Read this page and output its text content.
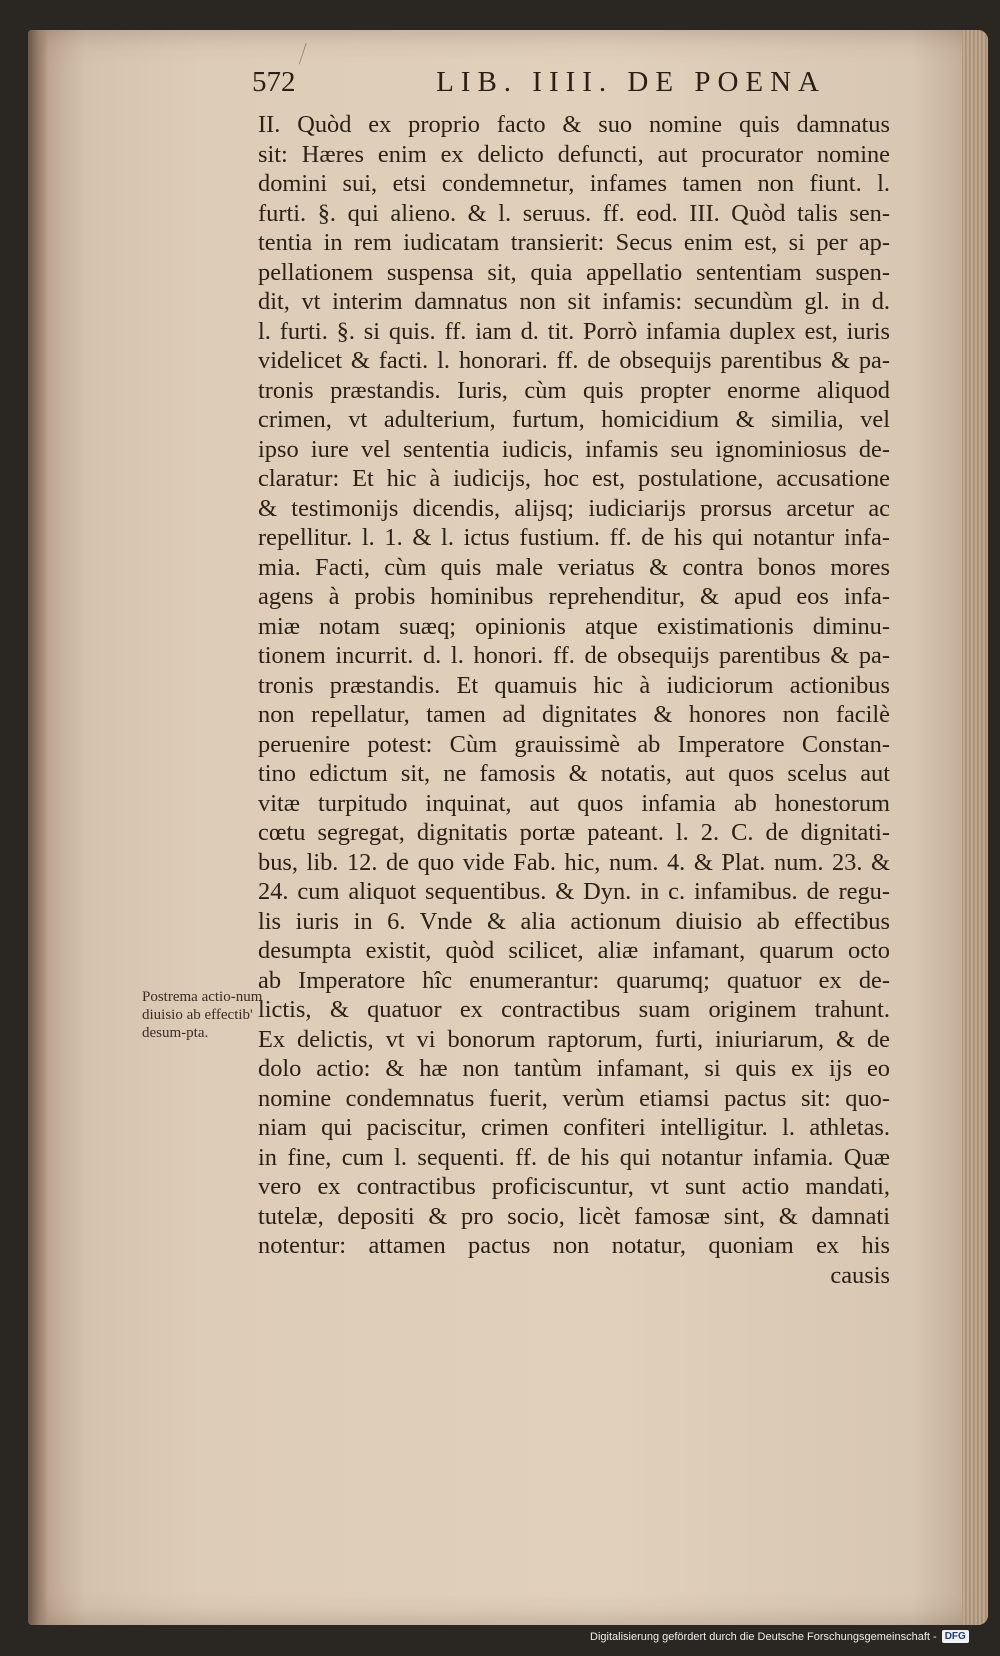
572	LIB. IIII. DE POENA
II. Quòd ex proprio facto & suo nomine quis damnatus
sit: Hæres enim ex delicto defuncti, aut procurator nomine
domini sui, etsi condemnetur, infames tamen non fiunt. l.
furti. §. qui alieno. & l. seruus. ff. eod. III. Quòd talis sen-
tentia in rem iudicatam transierit: Secus enim est, si per ap-
pellationem suspensa sit, quia appellatio sententiam suspen-
dit, vt interim damnatus non sit infamis: secundùm gl. in d.
l. furti. §. si quis. ff. iam d. tit. Porrò infamia duplex est, iuris
videlicet & facti. l. honorari. ff. de obsequijs parentibus & pa-
tronis præstandis. Iuris, cùm quis propter enorme aliquod
crimen, vt adulterium, furtum, homicidium & similia, vel
ipso iure vel sententia iudicis, infamis seu ignominiosus de-
claratur: Et hic à iudicijs, hoc est, postulatione, accusatione
& testimonijs dicendis, alijsq; iudiciarijs prorsus arcetur ac
repellitur. l. 1. & l. ictus fustium. ff. de his qui notantur infa-
mia. Facti, cùm quis male veriatus & contra bonos mores
agens à probis hominibus reprehenditur, & apud eos infa-
miæ notam suæq; opinionis atque existimationis diminu-
tionem incurrit. d. l. honori. ff. de obsequijs parentibus & pa-
tronis præstandis. Et quamuis hic à iudiciorum actionibus
non repellatur, tamen ad dignitates & honores non facilè
peruenire potest: Cùm grauissimè ab Imperatore Constan-
tino edictum sit, ne famosis & notatis, aut quos scelus aut
vitæ turpitudo inquinat, aut quos infamia ab honestorum
cœtu segregat, dignitatis portæ pateant. l. 2. C. de dignitati-
bus, lib. 12. de quo vide Fab. hic, num. 4. & Plat. num. 23. &
24. cum aliquot sequentibus. & Dyn. in c. infamibus. de regu-
lis iuris in 6. Vnde & alia actionum diuisio ab effectibus
desumpta existit, quòd scilicet, aliæ infamant, quarum octo
ab Imperatore hîc enumerantur: quarumq; quatuor ex de-
lictis, & quatuor ex contractibus suam originem trahunt.
Ex delictis, vt vi bonorum raptorum, furti, iniuriarum, & de
dolo actio: & hæ non tantùm infamant, si quis ex ijs eo
nomine condemnatus fuerit, verùm etiamsi pactus sit: quo-
niam qui paciscitur, crimen confiteri intelligitur. l. athletas.
in fine, cum l. sequenti. ff. de his qui notantur infamia. Quæ
vero ex contractibus proficiscuntur, vt sunt actio mandati,
tutelæ, depositi & pro socio, licèt famosæ sint, & damnati
notentur: attamen pactus non notatur, quoniam ex his
causis
Postrema actio-num diuisio ab effectib' desum-pta.
Digitalisierung gefördert durch die Deutsche Forschungsgemeinschaft - DFG
